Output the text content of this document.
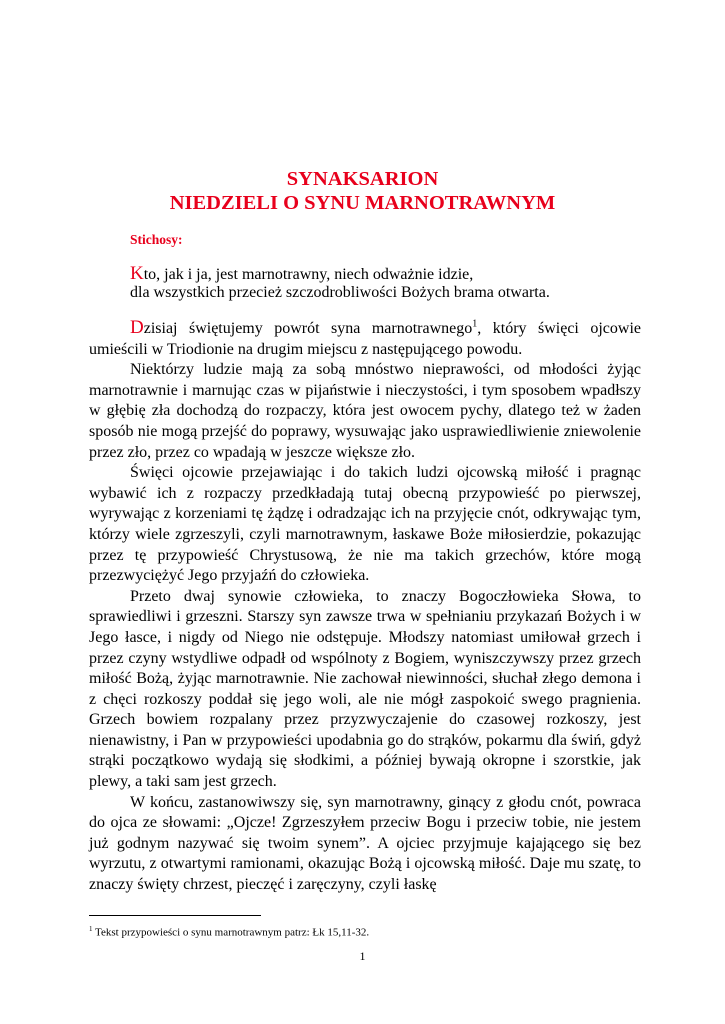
SYNAKSARION
NIEDZIELI O SYNU MARNOTRAWNYM
Stichosy:
Kto, jak i ja, jest marnotrawny, niech odważnie idzie,
dla wszystkich przecież szczodrobliwości Bożych brama otwarta.

Dzisiaj świętujemy powrót syna marnotrawnego$^1$, który święci ojcowie umieścili w Triodionie na drugim miejscu z następującego powodu.

Niektórzy ludzie mają za sobą mnóstwo nieprawości, od młodości żyjąc marnotrawnie i marnując czas w pijaństwie i nieczystości, i tym sposobem wpadłszy w głębię zła dochodzą do rozpaczy, która jest owocem pychy, dlatego też w żaden sposób nie mogą przejść do poprawy, wysuwając jako usprawiedliwienie zniewolenie przez zło, przez co wpadają w jeszcze większe zło.

Święci ojcowie przejawiając i do takich ludzi ojcowską miłość i pragnąc wybawić ich z rozpaczy przedkładają tutaj obecną przypowieść po pierwszej, wyrywając z korzeniami tę żądzę i odradzając ich na przyjęcie cnót, odkrywając tym, którzy wiele zgrzeszyli, czyli marnotrawnym, łaskawe Boże miłosierdzie, pokazując przez tę przypowieść Chrystusową, że nie ma takich grzechów, które mogą przezwyciężyć Jego przyjaźń do człowieka.

Przeto dwaj synowie człowieka, to znaczy Bogoczłowieka Słowa, to sprawiedliwi i grzeszni. Starszy syn zawsze trwa w spełnianiu przykazań Bożych i w Jego łasce, i nigdy od Niego nie odstępuje. Młodszy natomiast umiłował grzech i przez czyny wstydliwe odpadł od wspólnoty z Bogiem, wyniszczywszy przez grzech miłość Bożą, żyjąc marnotrawnie. Nie zachował niewinności, słuchał złego demona i z chęci rozkoszy poddał się jego woli, ale nie mógł zaspokoić swego pragnienia. Grzech bowiem rozpalany przez przyzwyczajenie do czasowej rozkoszy, jest nienawistny, i Pan w przypowieści upodabnia go do strąków, pokarmu dla świń, gdyż strąki początkowo wydają się słodkimi, a później bywają okropne i szorstkie, jak plewy, a taki sam jest grzech.

W końcu, zastanowiwszy się, syn marnotrawny, ginący z głodu cnót, powraca do ojca ze słowami: „Ojcze! Zgrzeszyłem przeciw Bogu i przeciw tobie, nie jestem już godnym nazywać się twoim synem”. A ojciec przyjmuje kajającego się bez wyrzutu, z otwartymi ramionami, okazując Bożą i ojcowską miłość. Daje mu szatę, to znaczy święty chrzest, pieczęć i zaręczyny, czyli łaskę

$^1$ Tekst przypowieści o synu marnotrawnym patrz: Łk 15,11-32.
1
